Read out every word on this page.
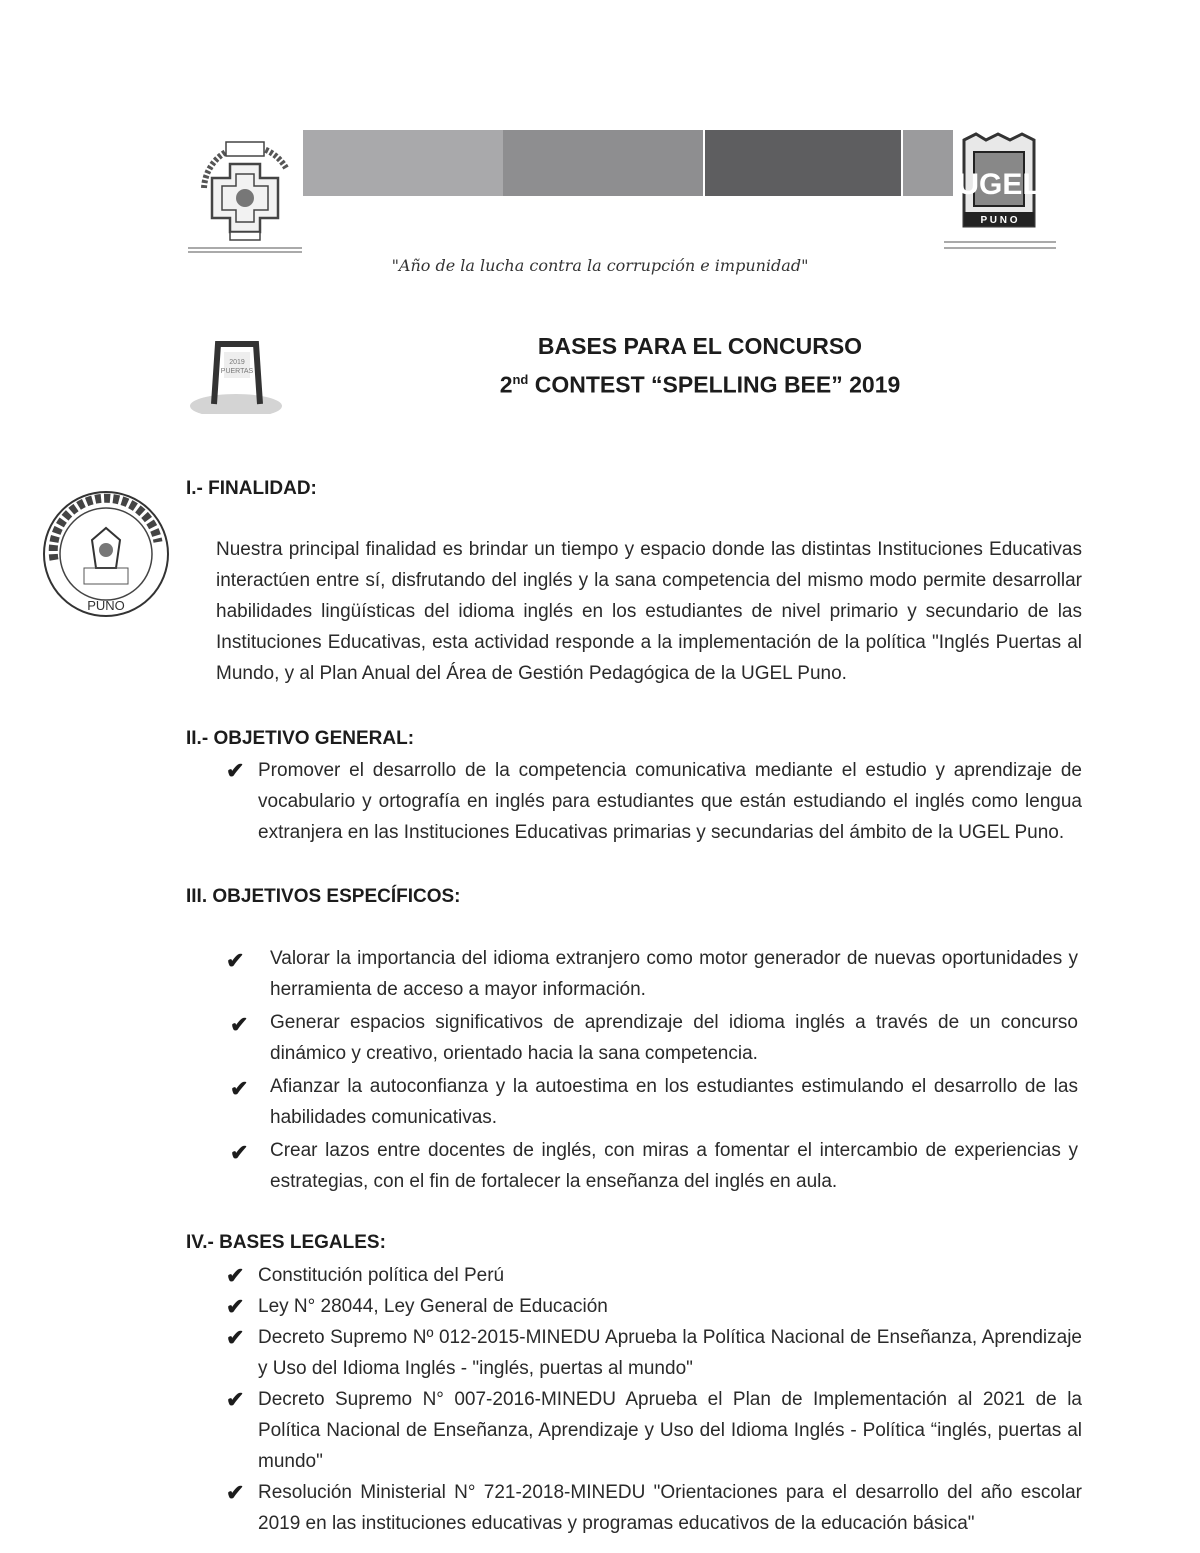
UGEL
P U N O
"Año de la lucha contra la corrupción e impunidad"
2019
PUERTAS
BASES PARA EL CONCURSO
2nd CONTEST “SPELLING BEE” 2019
PUNO
I.- FINALIDAD:
Nuestra principal finalidad es brindar un tiempo y espacio donde las distintas Instituciones Educativas interactúen entre sí, disfrutando del inglés y la sana competencia del mismo modo permite desarrollar habilidades lingüísticas del idioma inglés en los estudiantes de nivel primario y secundario de las Instituciones Educativas, esta actividad responde a la implementación de la política "Inglés Puertas al Mundo, y al Plan Anual del Área de Gestión Pedagógica de la UGEL Puno.
II.- OBJETIVO GENERAL:
✔ Promover el desarrollo de la competencia comunicativa mediante el estudio y aprendizaje de vocabulario y ortografía en inglés para estudiantes que están estudiando el inglés como lengua extranjera en las Instituciones Educativas primarias y secundarias del ámbito de la UGEL Puno.
III. OBJETIVOS ESPECÍFICOS:
✔ Valorar la importancia del idioma extranjero como motor generador de nuevas oportunidades y herramienta de acceso a mayor información.
✔ Generar espacios significativos de aprendizaje del idioma inglés a través de un concurso dinámico y creativo, orientado hacia la sana competencia.
✔ Afianzar la autoconfianza y la autoestima en los estudiantes estimulando el desarrollo de las habilidades comunicativas.
✔ Crear lazos entre docentes de inglés, con miras a fomentar el intercambio de experiencias y estrategias, con el fin de fortalecer la enseñanza del inglés en aula.
IV.- BASES LEGALES:
✔ Constitución política del Perú
✔ Ley N° 28044, Ley General de Educación
✔ Decreto Supremo Nº 012-2015-MINEDU Aprueba la Política Nacional de Enseñanza, Aprendizaje y Uso del Idioma Inglés - "inglés, puertas al mundo"
✔ Decreto Supremo N° 007-2016-MINEDU Aprueba el Plan de Implementación al 2021 de la Política Nacional de Enseñanza, Aprendizaje y Uso del Idioma Inglés - Política “inglés, puertas al mundo"
✔ Resolución Ministerial N° 721-2018-MINEDU "Orientaciones para el desarrollo del año escolar 2019 en las instituciones educativas y programas educativos de la educación básica"
